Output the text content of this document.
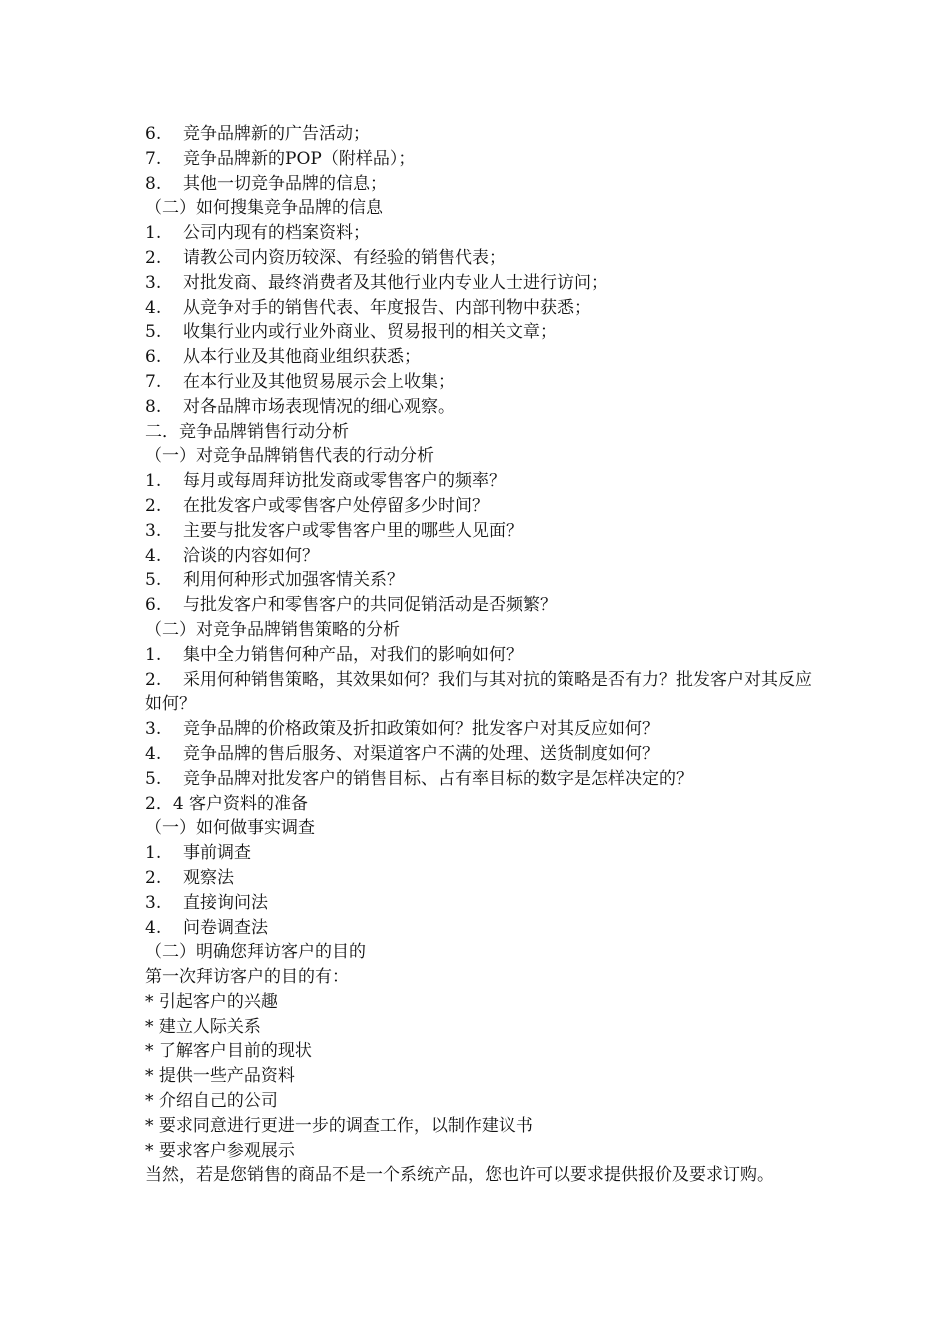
6. 竞争品牌新的广告活动；
7. 竞争品牌新的POP（附样品）；
8. 其他一切竞争品牌的信息；
（二）如何搜集竞争品牌的信息
1. 公司内现有的档案资料；
2. 请教公司内资历较深、有经验的销售代表；
3. 对批发商、最终消费者及其他行业内专业人士进行访问；
4. 从竞争对手的销售代表、年度报告、内部刊物中获悉；
5. 收集行业内或行业外商业、贸易报刊的相关文章；
6. 从本行业及其他商业组织获悉；
7. 在本行业及其他贸易展示会上收集；
8. 对各品牌市场表现情况的细心观察。
二．竞争品牌销售行动分析
（一）对竞争品牌销售代表的行动分析
1. 每月或每周拜访批发商或零售客户的频率？
2. 在批发客户或零售客户处停留多少时间？
3. 主要与批发客户或零售客户里的哪些人见面？
4. 洽谈的内容如何？
5. 利用何种形式加强客情关系？
6. 与批发客户和零售客户的共同促销活动是否频繁？
（二）对竞争品牌销售策略的分析
1. 集中全力销售何种产品，对我们的影响如何？
2. 采用何种销售策略，其效果如何？我们与其对抗的策略是否有力？批发客户对其反应如何？
3. 竞争品牌的价格政策及折扣政策如何？批发客户对其反应如何？
4. 竞争品牌的售后服务、对渠道客户不满的处理、送货制度如何？
5. 竞争品牌对批发客户的销售目标、占有率目标的数字是怎样决定的？
2．4 客户资料的准备
（一）如何做事实调查
1. 事前调查
2. 观察法
3. 直接询问法
4. 问卷调查法
（二）明确您拜访客户的目的
第一次拜访客户的目的有：
* 引起客户的兴趣
* 建立人际关系
* 了解客户目前的现状
* 提供一些产品资料
* 介绍自己的公司
* 要求同意进行更进一步的调查工作，以制作建议书
* 要求客户参观展示
当然，若是您销售的商品不是一个系统产品，您也许可以要求提供报价及要求订购。
